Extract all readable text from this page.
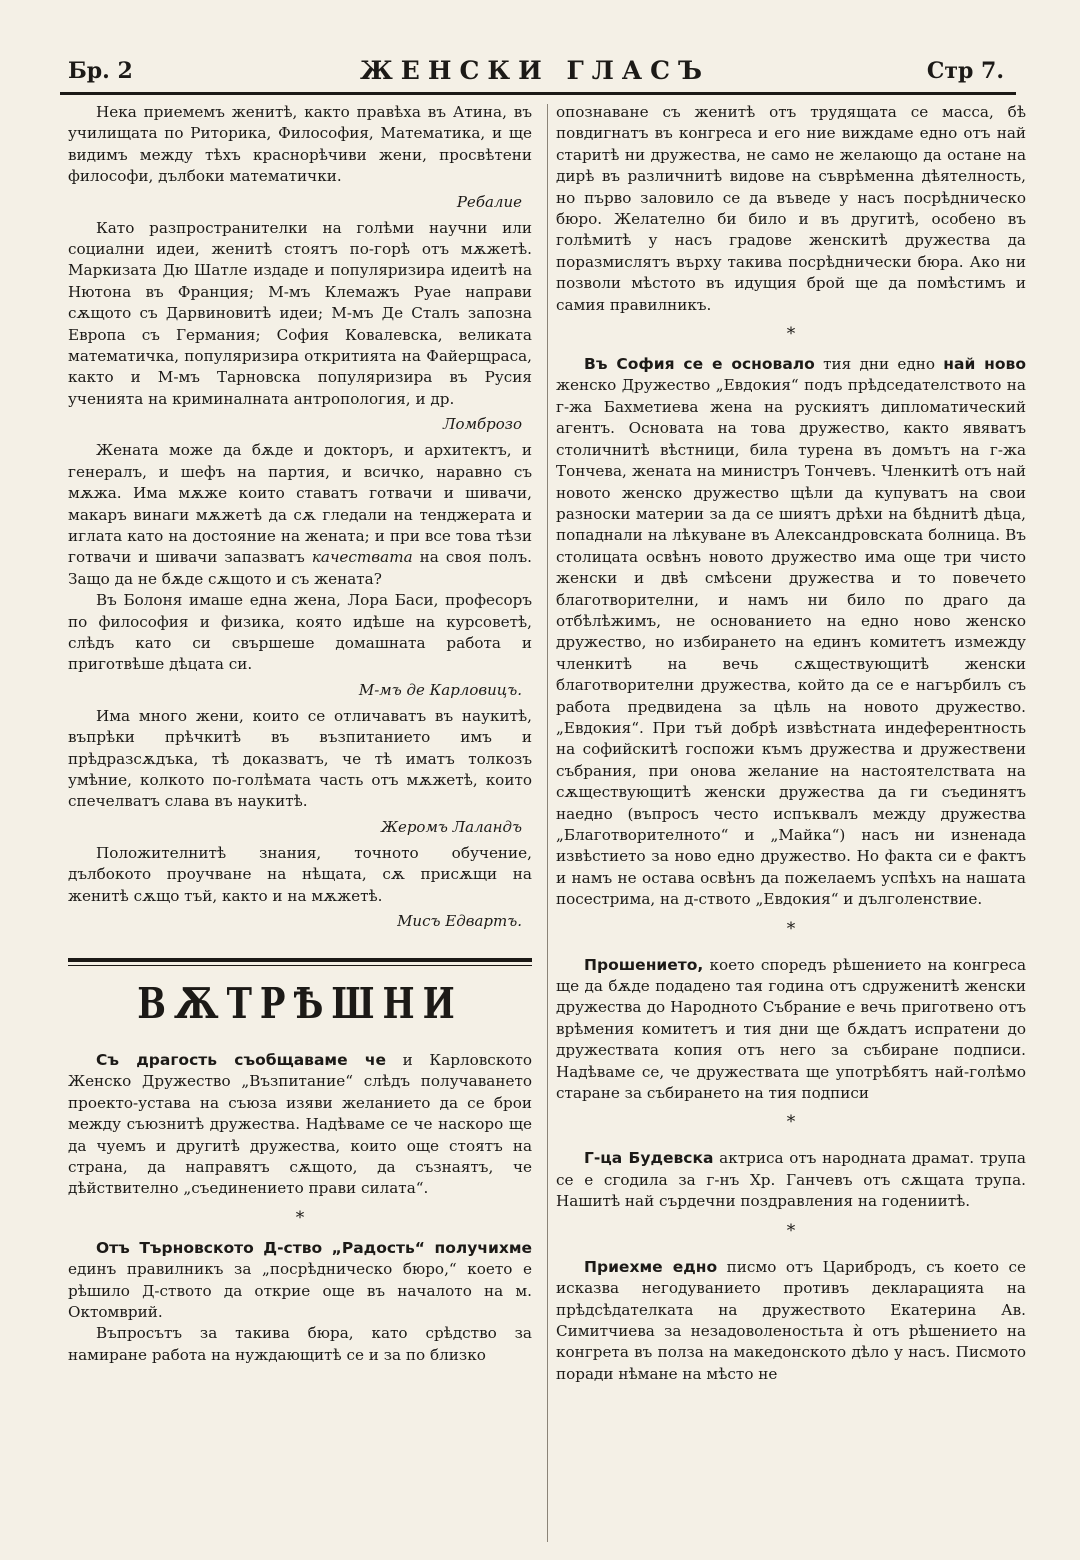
Бр. 2	ЖЕНСКИ ГЛАСЪ	Стр 7.

Нека приемемъ женитѣ, както правѣха въ Атина, въ училищата по Риторика, Философия, Математика, и ще видимъ между тѣхъ краснорѣчиви жени, просвѣтени философи, дълбоки математички.

Ребалие

Като разпространителки на голѣми научни или социални идеи, женитѣ стоятъ по-горѣ отъ мѫжетѣ. Маркизата Дю Шатле издаде и популяризира идеитѣ на Нютона въ Франция; М-мъ Клемажъ Руае направи сѫщото съ Дарвиновитѣ идеи; М-мъ Де Сталъ запозна Европа съ Германия; София Ковалевска, великата математичка, популяризира откритията на Файерщраса, както и М-мъ Тарновска популяризира въ Русия ученията на криминалната антропология, и др.

Ломброзо

Жената може да бѫде и докторъ, и архитектъ, и генералъ, и шефъ на партия, и всичко, наравно съ мѫжа. Има мѫже които ставатъ готвачи и шивачи, макаръ винаги мѫжетѣ да сѫ гледали на тенджерата и иглата като на достояние на жената; и при все това тѣзи готвачи и шивачи запазватъ качествата на своя полъ. Защо да не бѫде сѫщото и съ жената?

Въ Болоня имаше една жена, Лора Баси, професоръ по философия и физика, която идѣше на курсоветѣ, слѣдъ като си свършеше домашната работа и приготвѣше дѣцата си.

М-мъ де Карловицъ.

Има много жени, които се отличаватъ въ наукитѣ, въпрѣки прѣчкитѣ въ възпитанието имъ и прѣдразсѫдъка, тѣ доказватъ, че тѣ иматъ толкозъ умѣние, колкото по-голѣмата часть отъ мѫжетѣ, които спечелватъ слава въ наукитѣ.

Жеромъ Лаландъ

Положителнитѣ знания, точното обучение, дълбокото проучване на нѣщата, сѫ присѫщи на женитѣ сѫщо тъй, както и на мѫжетѣ.

Мисъ Едвартъ.
ВѪТРѢШНИ

Съ драгость съобщаваме че и Карловското Женско Дружество „Възпитание“ слѣдъ получаването проекто-устава на съюза изяви желанието да се брои между съюзнитѣ дружества. Надѣваме се че наскоро ще да чуемъ и другитѣ дружества, които още стоятъ на страна, да направятъ сѫщото, да съзнаятъ, че дѣйствително „съединението прави силата“.

*

Отъ Търновското Д-ство „Радость“ получихме единъ правилникъ за „посрѣдническо бюро,“ което е рѣшило Д-ството да открие още въ началото на м. Октомврий.

Въпросътъ за такива бюра, като срѣдство за намиране работа на нуждающитѣ се и за по близко

опознаване съ женитѣ отъ трудящата се масса, бѣ повдигнатъ въ конгреса и его ние виждаме едно отъ най старитѣ ни дружества, не само не желающо да остане на дирѣ въ различнитѣ видове на съврѣменна дѣятелность, но първо заловило се да въведе у насъ посрѣдническо бюро. Желателно би било и въ другитѣ, особено въ голѣмитѣ у насъ градове женскитѣ дружества да поразмислятъ върху такива посрѣднически бюра. Ако ни позволи мѣстото въ идущия брой ще да помѣстимъ и самия правилникъ.

*

Въ София се е основало тия дни едно най ново женско Дружество „Евдокия“ подъ прѣдседателството на г-жа Бахметиева жена на рускиятъ дипломатический агентъ. Основата на това дружество, както явяватъ столичнитѣ вѣстници, била турена въ домътъ на г-жа Тончева, жената на министръ Тончевъ. Членкитѣ отъ най новото женско дружество щѣли да купуватъ на свои разноски материи за да се шиятъ дрѣхи на бѣднитѣ дѣца, попаднали на лѣкуване въ Александровската болница. Въ столицата освѣнъ новото дружество има още три чисто женски и двѣ смѣсени дружества и то повечето благотворителни, и намъ ни било по драго да отбѣлѣжимъ, не основанието на едно ново женско дружество, но избирането на единъ комитетъ измежду членкитѣ на вечь сѫществующитѣ женски благотворителни дружества, който да се е нагърбилъ съ работа предвидена за цѣль на новото дружество. „Евдокия“. При тъй добрѣ извѣстната индеферентность на софийскитѣ госпожи къмъ дружества и дружествени събрания, при онова желание на настоятелствата на сѫществующитѣ женски дружества да ги съединятъ наедно (въпросъ често испъквалъ между дружества „Благотворителното“ и „Майка“) насъ ни изненада извѣстието за ново едно дружество. Но факта си е фактъ и намъ не остава освѣнъ да пожелаемъ успѣхъ на нашата посестрима, на д-ството „Евдокия“ и дълголенствие.

*

Прошението, което споредъ рѣшението на конгреса ще да бѫде подадено тая година отъ сдруженитѣ женски дружества до Народното Събрание е вечь приготвено отъ врѣмения комитетъ и тия дни ще бѫдатъ испратени до дружествата копия отъ него за събиране подписи. Надѣваме се, че дружествата ще употрѣбятъ най-голѣмо старане за събирането на тия подписи

*

Г-ца Будевска актриса отъ народната драмат. трупа се е сгодила за г-нъ Хр. Ганчевъ отъ сѫщата трупа. Нашитѣ най сърдечни поздравления на годениитѣ.

*

Приехме едно писмо отъ Царибродъ, съ което се исказва негодуванието противъ декларацията на прѣдсѣдателката на дружеството Екатерина Ав. Симитчиева за незадоволеностьта ѝ отъ рѣшението на конгрета въ полза на македонското дѣло у насъ. Писмото поради нѣмане на мѣсто не
